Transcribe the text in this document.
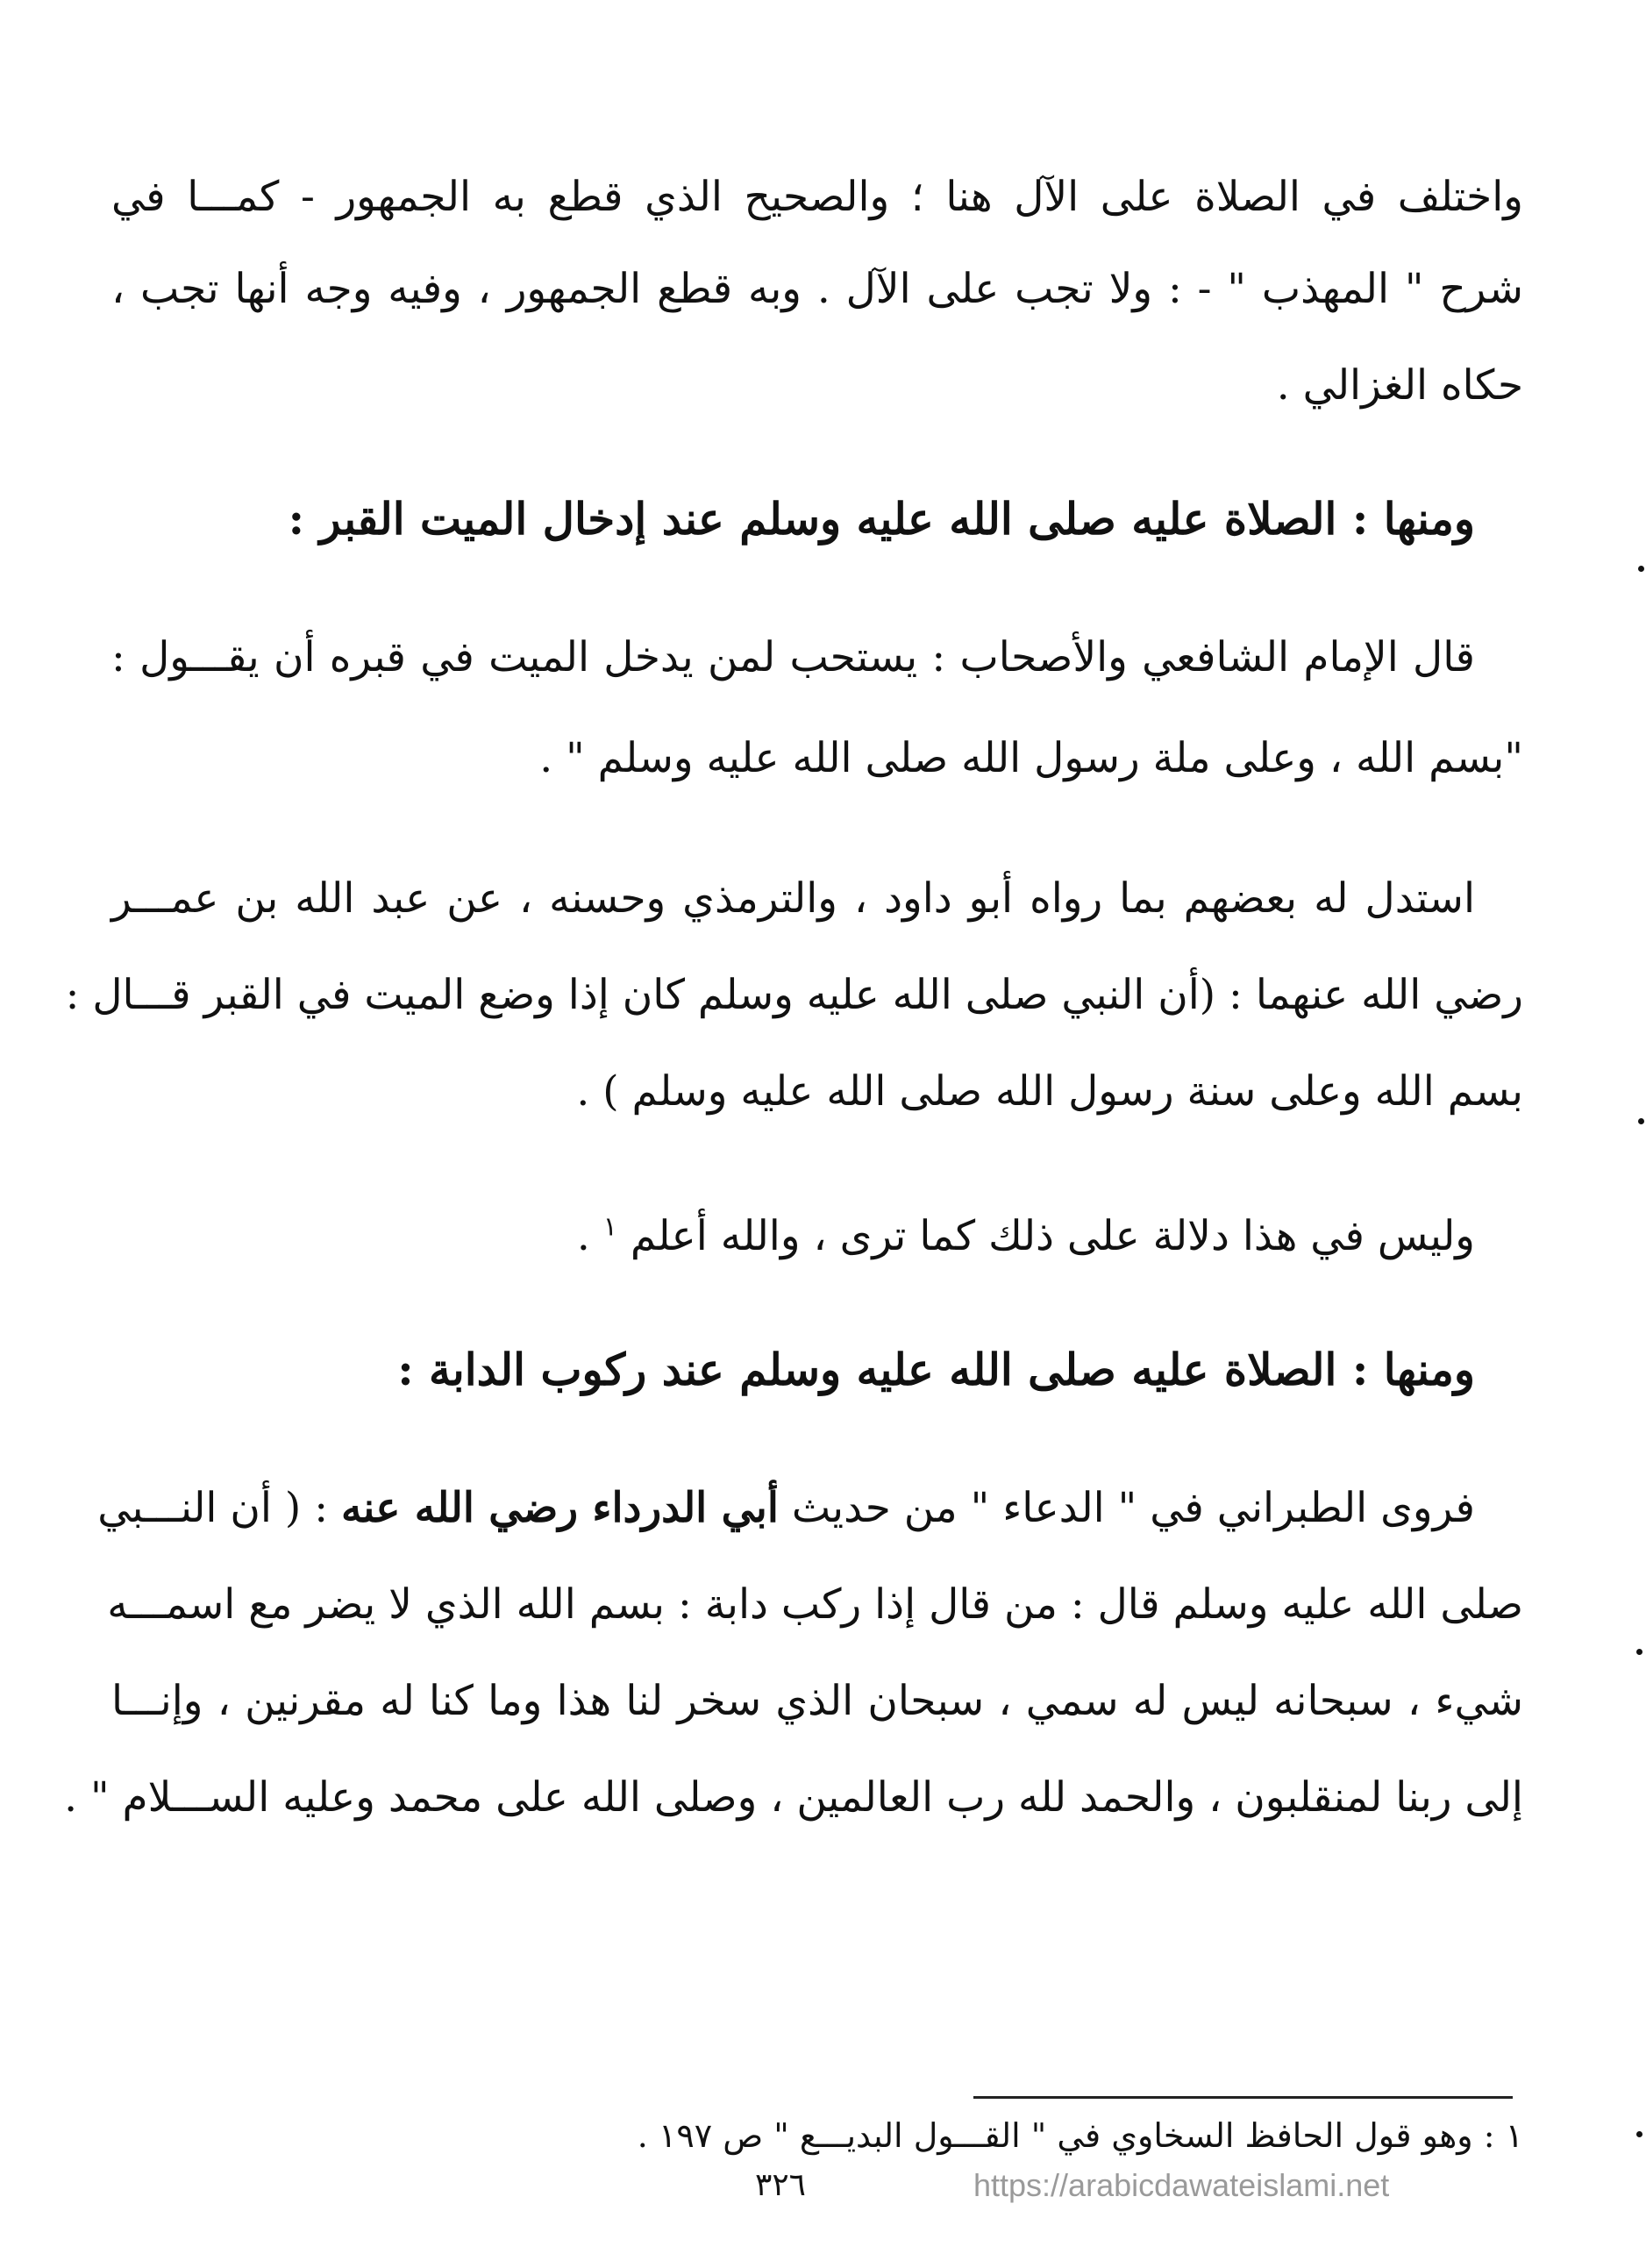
واختلف في الصلاة على الآل هنا ؛ والصحيح الذي قطع به الجمهور - كمـــا في
شرح " المهذب " - : ولا تجب على الآل . وبه قطع الجمهور ، وفيه وجه أنها تجب ،
حكاه الغزالي .
ومنها : الصلاة عليه صلى الله عليه وسلم عند إدخال الميت القبر :
قال الإمام الشافعي والأصحاب : يستحب لمن يدخل الميت في قبره أن يقـــول :
"بسم الله ، وعلى ملة رسول الله صلى الله عليه وسلم " .
استدل له بعضهم بما رواه أبو داود ، والترمذي وحسنه ، عن عبد الله بن عمـــر
رضي الله عنهما : (أن النبي صلى الله عليه وسلم كان إذا وضع الميت في القبر قـــال :
بسم الله وعلى سنة رسول الله صلى الله عليه وسلم ) .
وليس في هذا دلالة على ذلك كما ترى ، والله أعلم $^١$ .
ومنها : الصلاة عليه صلى الله عليه وسلم عند ركوب الدابة :
فروى الطبراني في " الدعاء " من حديث أبي الدرداء رضي الله عنه : ( أن النـــبي
صلى الله عليه وسلم قال : من قال إذا ركب دابة : بسم الله الذي لا يضر مع اسمـــه
شيء ، سبحانه ليس له سمي ، سبحان الذي سخر لنا هذا وما كنا له مقرنين ، وإنـــا
إلى ربنا لمنقلبون ، والحمد لله رب العالمين ، وصلى الله على محمد وعليه الســـلام " .
١ : وهو قول الحافظ السخاوي في " القـــول البديـــع " ص ١٩٧ .
٣٢٦	https://arabicdawateislami.net
